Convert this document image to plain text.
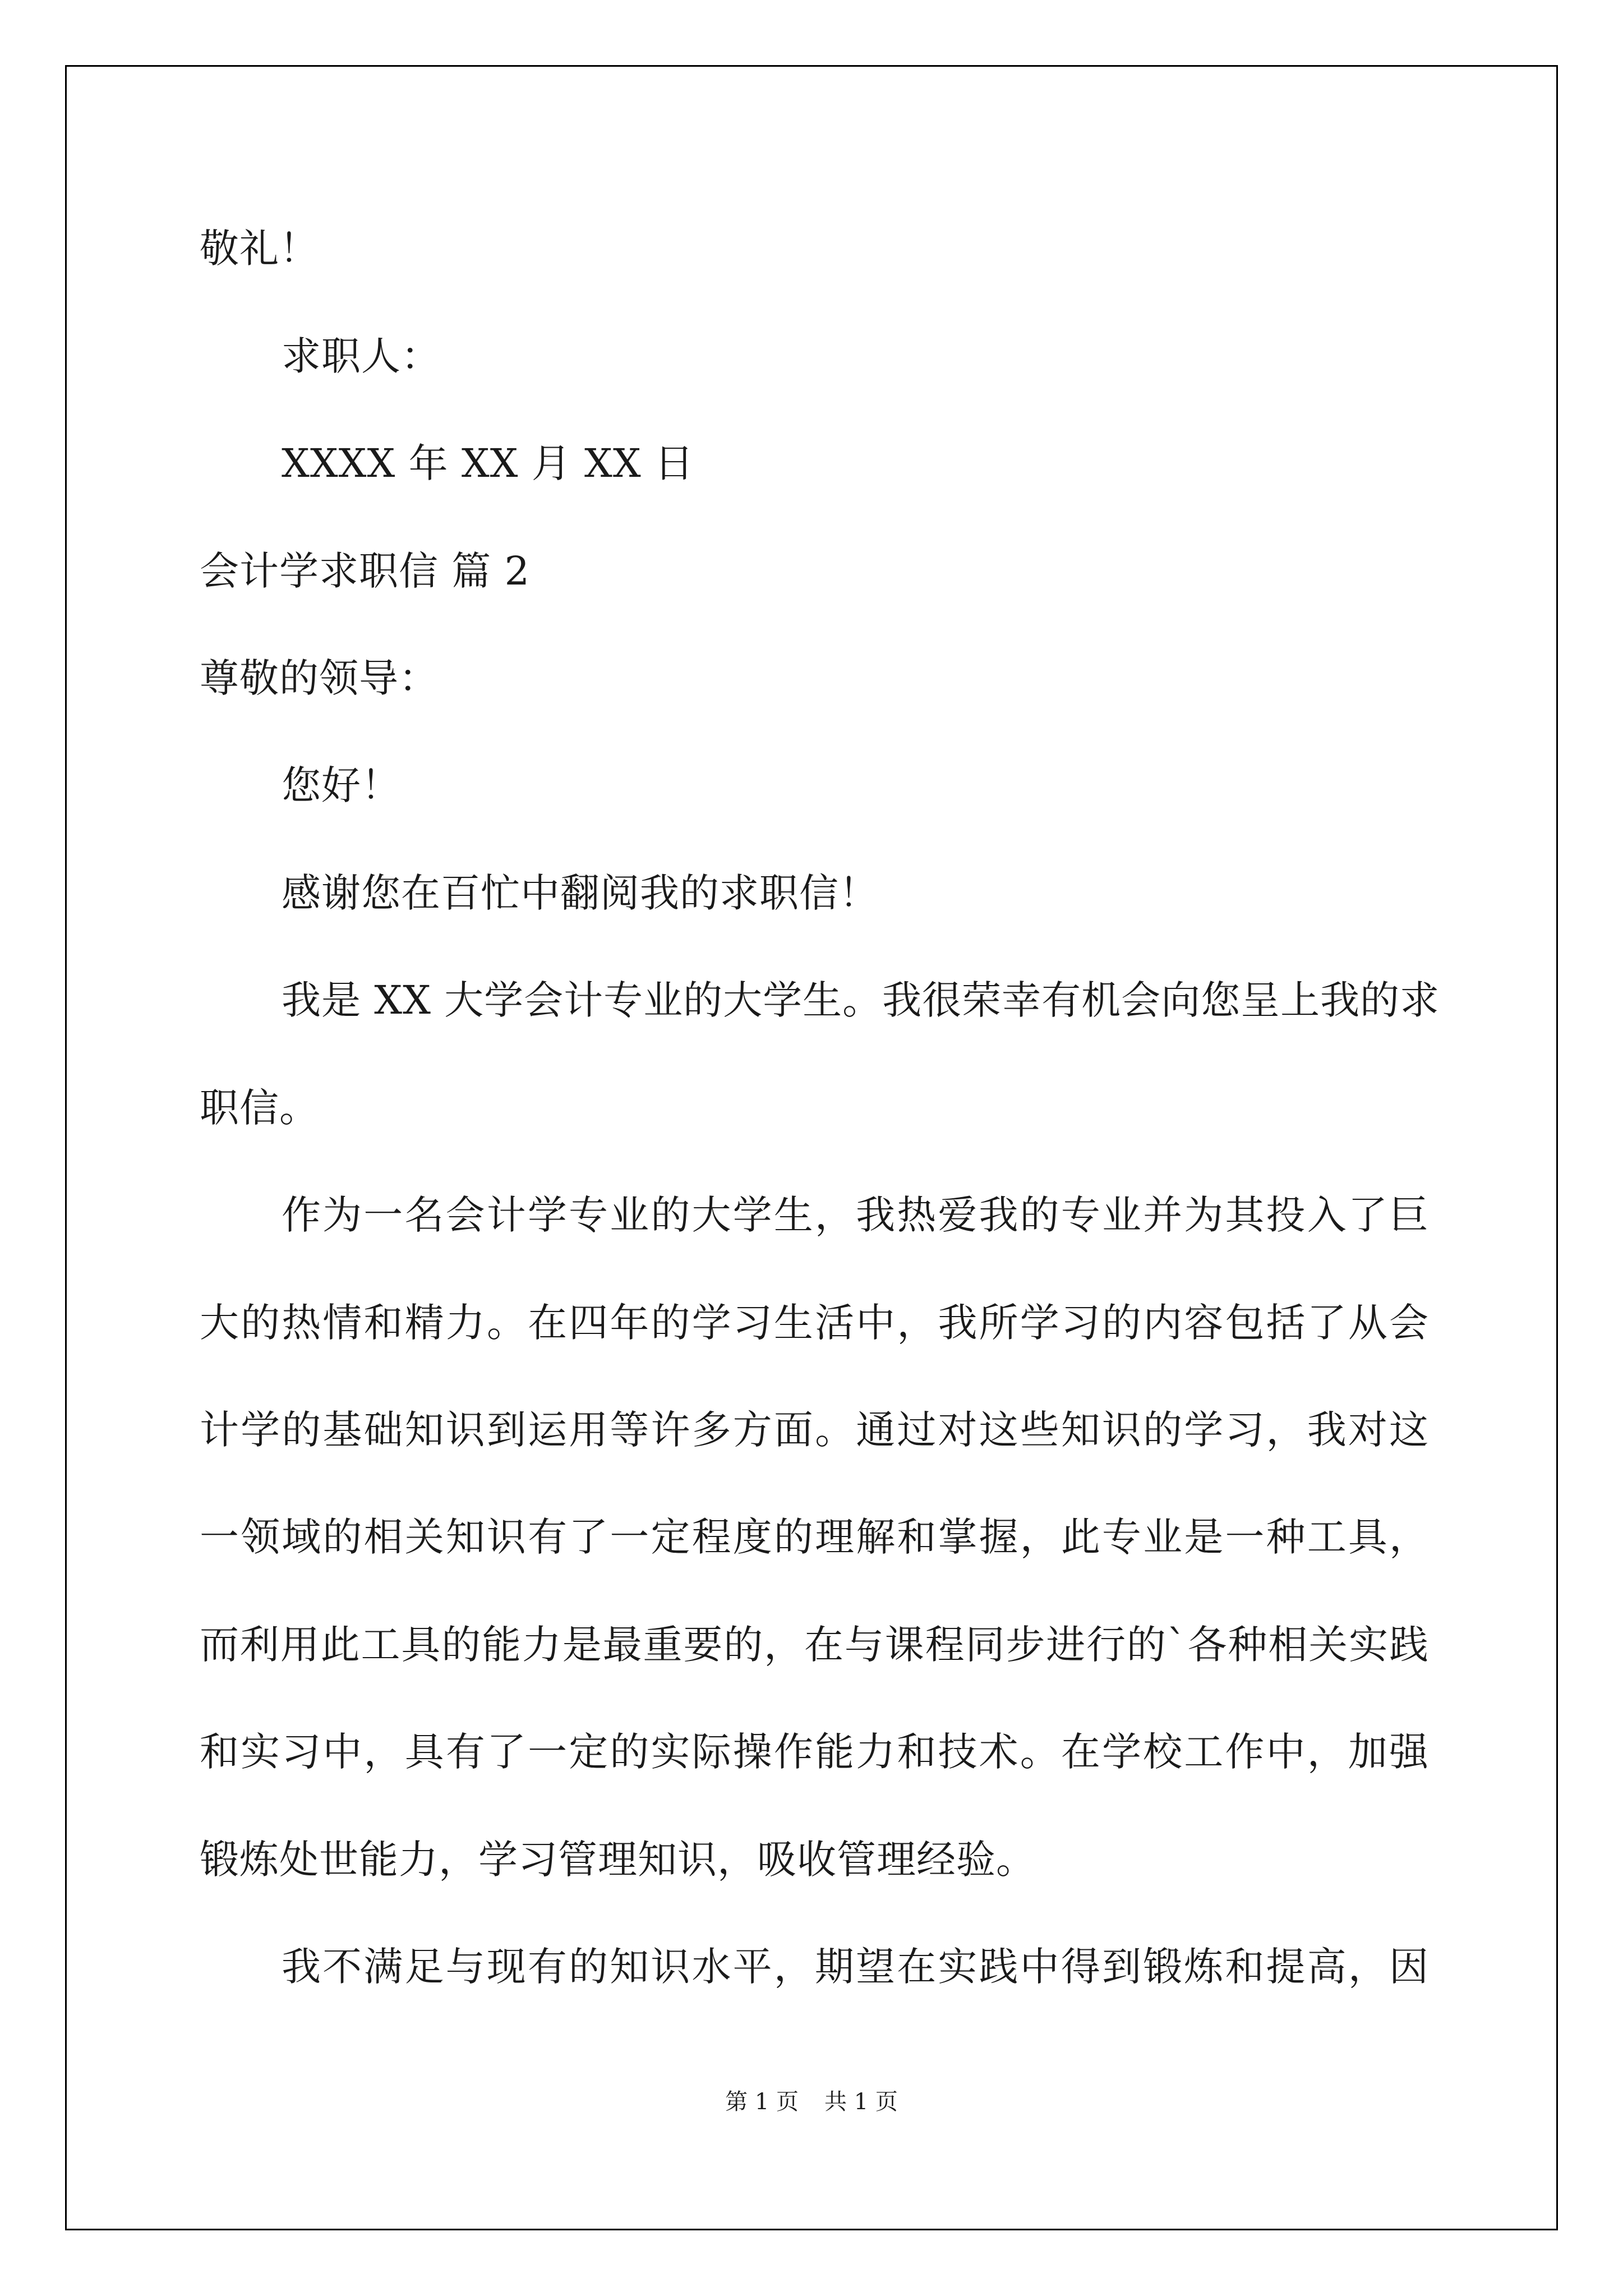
敬礼！
求职人：
XXXX 年 XX 月 XX 日
会计学求职信 篇 2
尊敬的领导：
您好！
感谢您在百忙中翻阅我的求职信！
我是 XX 大学会计专业的大学生。我很荣幸有机会向您呈上我的求
职信。
作为一名会计学专业的大学生，我热爱我的专业并为其投入了巨
大的热情和精力。在四年的学习生活中，我所学习的内容包括了从会
计学的基础知识到运用等许多方面。通过对这些知识的学习，我对这
一领域的相关知识有了一定程度的理解和掌握，此专业是一种工具，
而利用此工具的能力是最重要的，在与课程同步进行的`各种相关实践
和实习中，具有了一定的实际操作能力和技术。在学校工作中，加强
锻炼处世能力，学习管理知识，吸收管理经验。
我不满足与现有的知识水平，期望在实践中得到锻炼和提高，因
第 1 页 共 1 页
